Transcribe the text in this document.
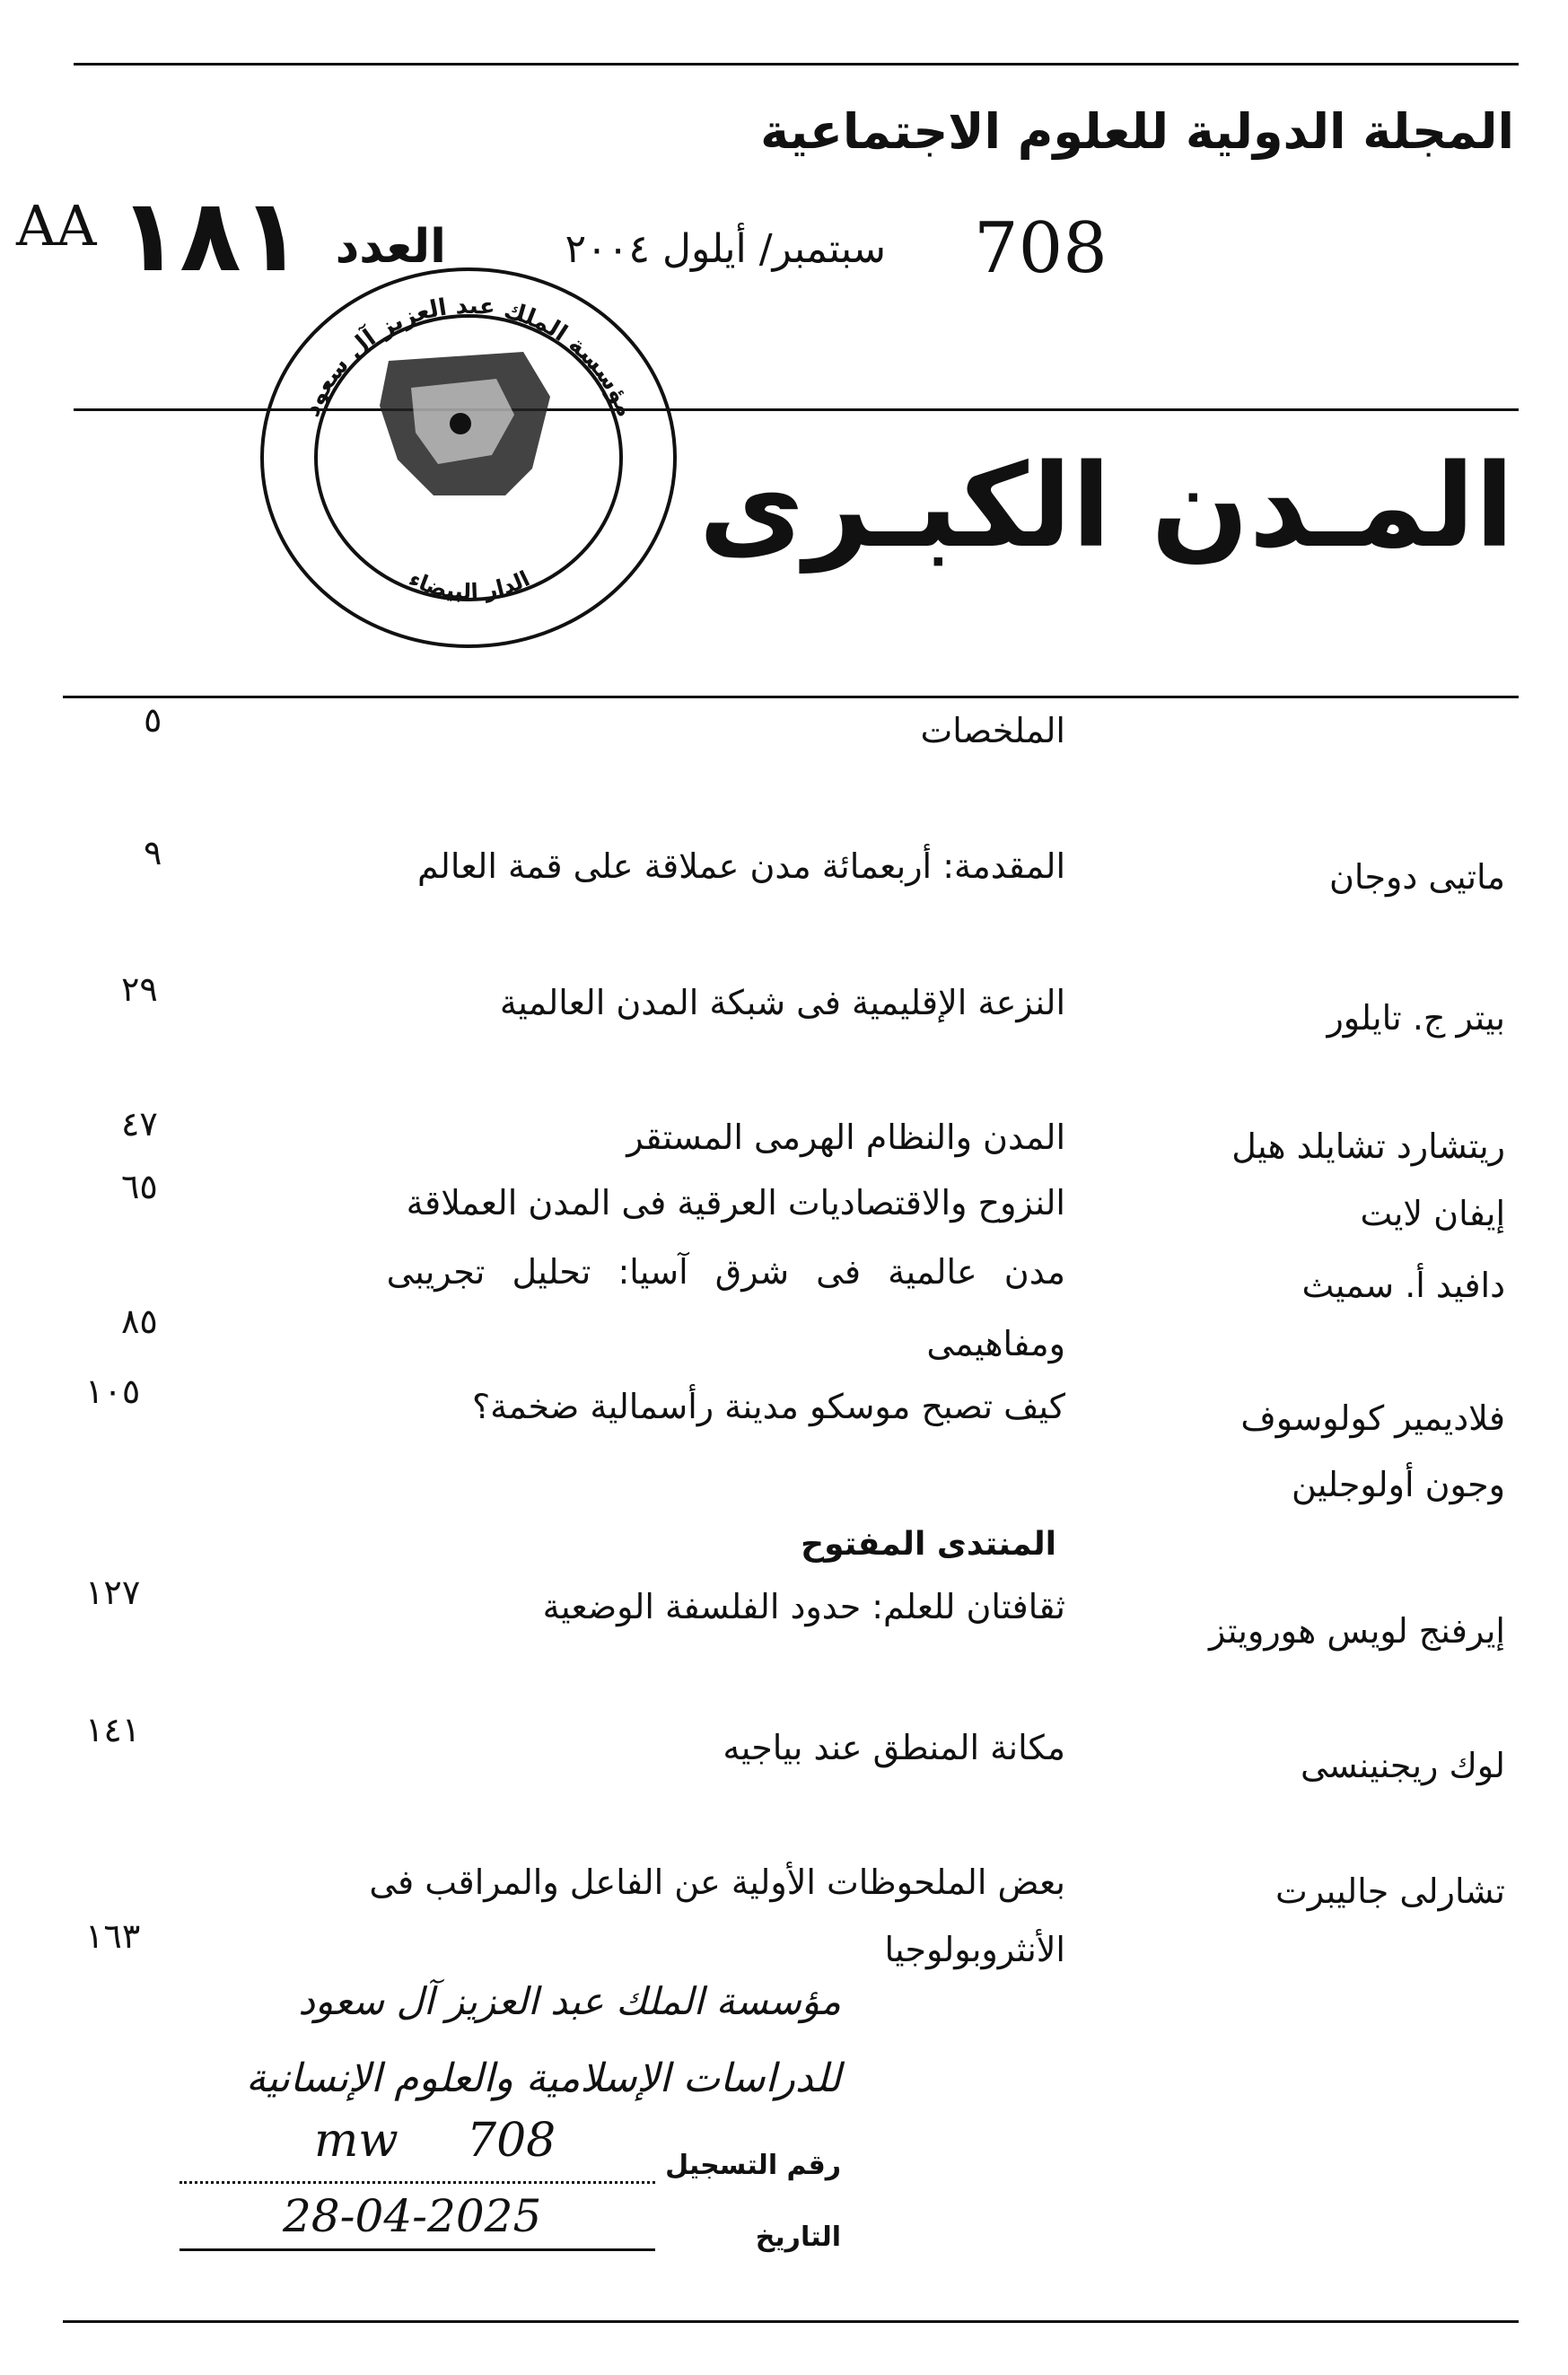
المجلة الدولية للعلوم الاجتماعية
العدد
١٨١
AA	سبتمبر/ أيلول ٢٠٠٤ 708
مؤسسة الملك عبد العزيز آل سعود
الدار البيضاء
المـدن الكبـرى
الملخصات
٥
ماتيى دوجان
المقدمة: أربعمائة مدن عملاقة على قمة العالم
٩
بيتر ج. تايلور
النزعة الإقليمية فى شبكة المدن العالمية
٢٩
ريتشارد تشايلد هيل
المدن والنظام الهرمى المستقر
٤٧
إيفان لايت
النزوح والاقتصاديات العرقية فى المدن العملاقة
٦٥
دافيد أ. سميث
مدن عالمية فى شرق آسيا: تحليل تجريبى
ومفاهيمى
٨٥
فلاديمير كولوسوف
وجون أولوجلين
كيف تصبح موسكو مدينة رأسمالية ضخمة؟
١٠٥
المنتدى المفتوح
إيرفنج لويس هورويتز
ثقافتان للعلم: حدود الفلسفة الوضعية
١٢٧
لوك ريجنينسى
مكانة المنطق عند بياجيه
١٤١
تشارلى جاليبرت
بعض الملحوظات الأولية عن الفاعل والمراقب فى
الأنثروبولوجيا
١٦٣
مؤسسة الملك عبد العزيز آل سعود
للدراسات الإسلامية والعلوم الإنسانية
رقم التسجيل
mw 708
التاريخ
28-04-2025
